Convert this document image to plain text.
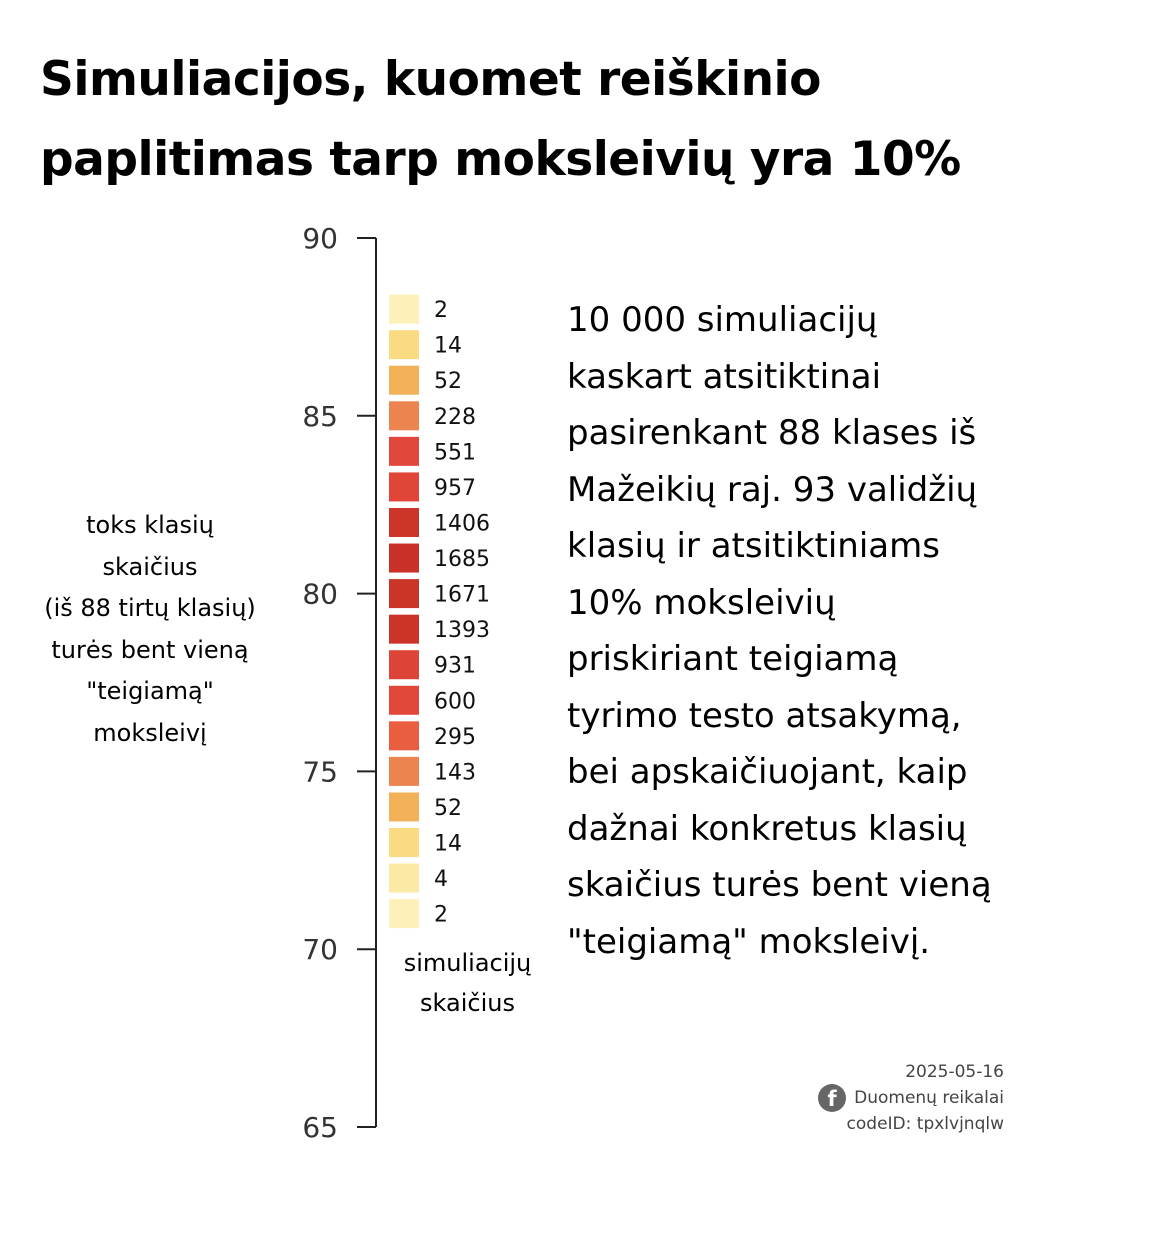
Simuliacijos, kuomet reiškinio
paplitimas tarp moksleivių yra 10%
65
70
75
80
85
90
2
14
52
228
551
957
1406
1685
1671
1393
931
600
295
143
52
14
4
2

toks klasių
skaičius
(iš 88 tirtų klasių)
turės bent vieną
"teigiamą"
moksleivį

simuliacijų
skaičius

10 000 simuliacijų
kaskart atsitiktinai
pasirenkant 88 klases iš
Mažeikių raj. 93 validžių
klasių ir atsitiktiniams
10% moksleivių
priskiriant teigiamą
tyrimo testo atsakymą,
bei apskaičiuojant, kaip
dažnai konkretus klasių
skaičius turės bent vieną
"teigiamą" moksleivį.

2025-05-16
f	Duomenų reikalai
codeID: tpxlvjnqlw
